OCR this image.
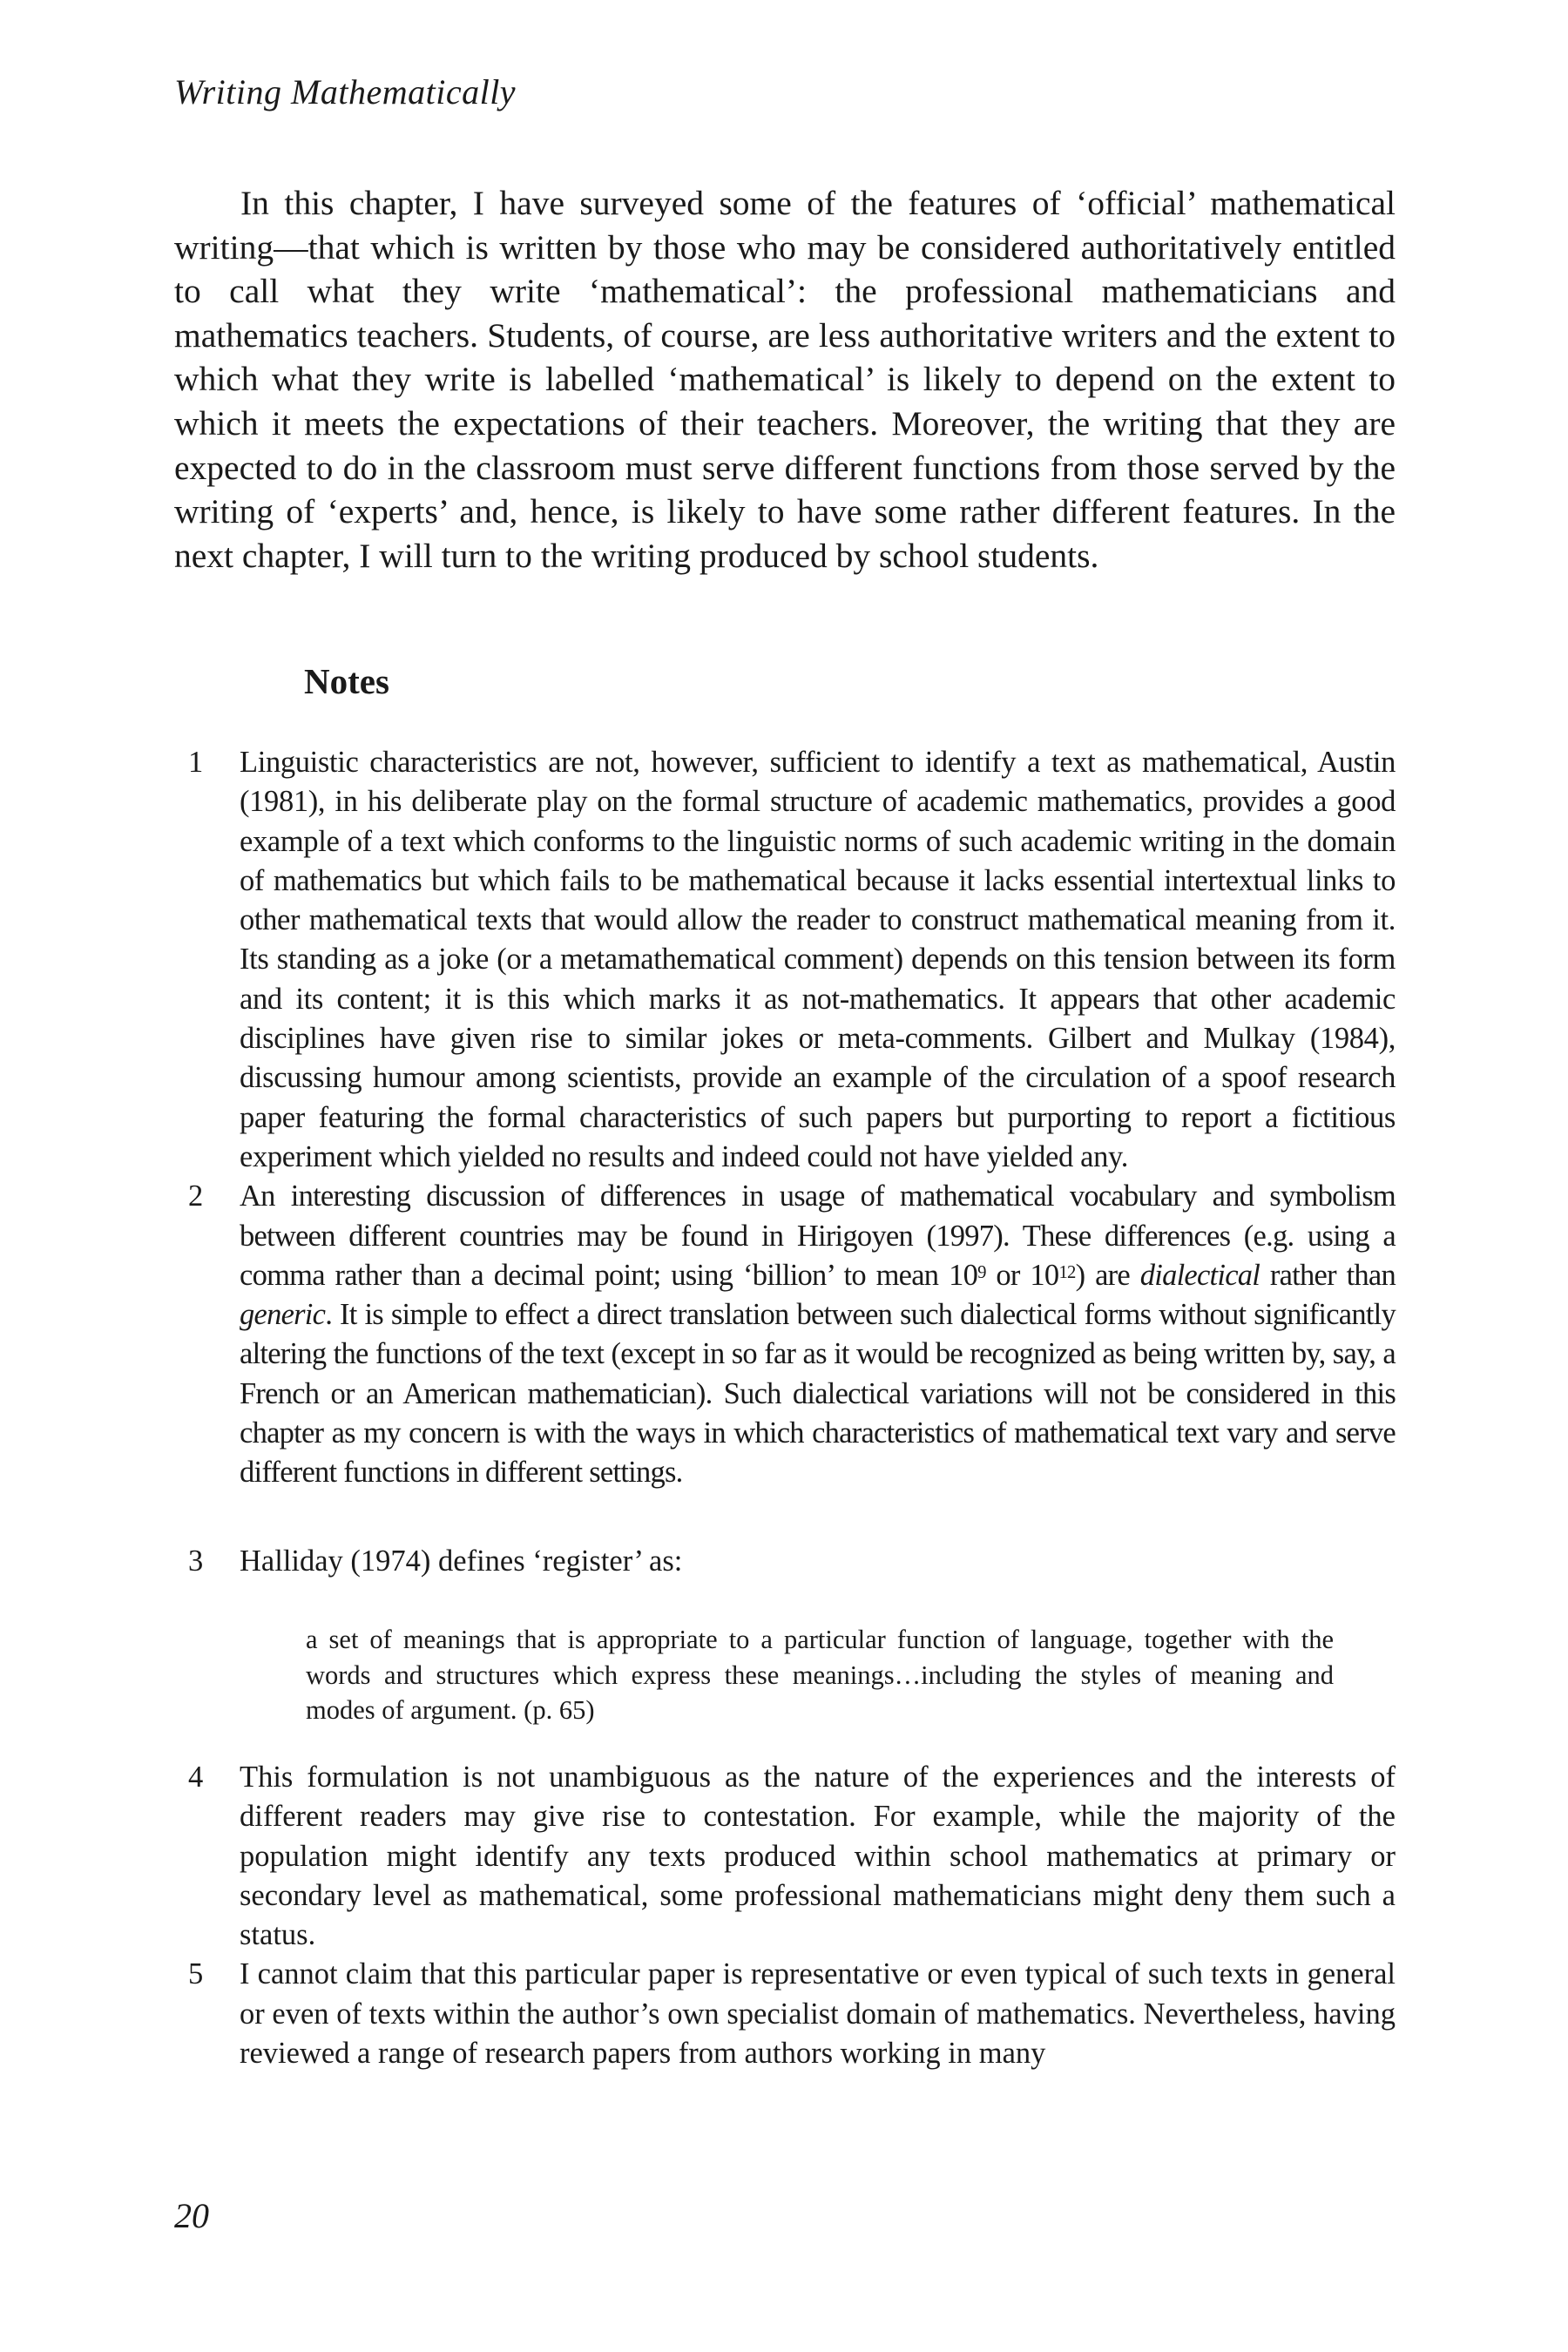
Writing Mathematically

In this chapter, I have surveyed some of the features of ‘official’ mathematical writing—that which is written by those who may be considered authoritatively entitled to call what they write ‘mathematical’: the professional mathematicians and mathematics teachers. Students, of course, are less authoritative writers and the extent to which what they write is labelled ‘mathematical’ is likely to depend on the extent to which it meets the expectations of their teachers. Moreover, the writing that they are expected to do in the classroom must serve different functions from those served by the writing of ‘experts’ and, hence, is likely to have some rather different features. In the next chapter, I will turn to the writing produced by school students.

Notes
1 Linguistic characteristics are not, however, sufficient to identify a text as mathematical, Austin (1981), in his deliberate play on the formal structure of academic mathematics, provides a good example of a text which conforms to the linguistic norms of such academic writing in the domain of mathematics but which fails to be mathematical because it lacks essential intertextual links to other mathematical texts that would allow the reader to construct mathematical meaning from it. Its standing as a joke (or a metamathematical comment) depends on this tension between its form and its content; it is this which marks it as not-mathematics. It appears that other academic disciplines have given rise to similar jokes or meta-comments. Gilbert and Mulkay (1984), discussing humour among scientists, provide an example of the circulation of a spoof research paper featuring the formal characteristics of such papers but purporting to report a fictitious experiment which yielded no results and indeed could not have yielded any.
2 An interesting discussion of differences in usage of mathematical vocabulary and symbolism between different countries may be found in Hirigoyen (1997). These differences (e.g. using a comma rather than a decimal point; using ‘billion’ to mean $10^9$ or $10^{12}$) are dialectical rather than generic. It is simple to effect a direct translation between such dialectical forms without significantly altering the functions of the text (except in so far as it would be recognized as being written by, say, a French or an American mathematician). Such dialectical variations will not be considered in this chapter as my concern is with the ways in which characteristics of mathematical text vary and serve different functions in different settings.
3 Halliday (1974) defines ‘register’ as:
a set of meanings that is appropriate to a particular function of language, together with the words and structures which express these meanings…including the styles of meaning and modes of argument. (p. 65)
4 This formulation is not unambiguous as the nature of the experiences and the interests of different readers may give rise to contestation. For example, while the majority of the population might identify any texts produced within school mathematics at primary or secondary level as mathematical, some professional mathematicians might deny them such a status.
5 I cannot claim that this particular paper is representative or even typical of such texts in general or even of texts within the author’s own specialist domain of mathematics. Nevertheless, having reviewed a range of research papers from authors working in many
20
